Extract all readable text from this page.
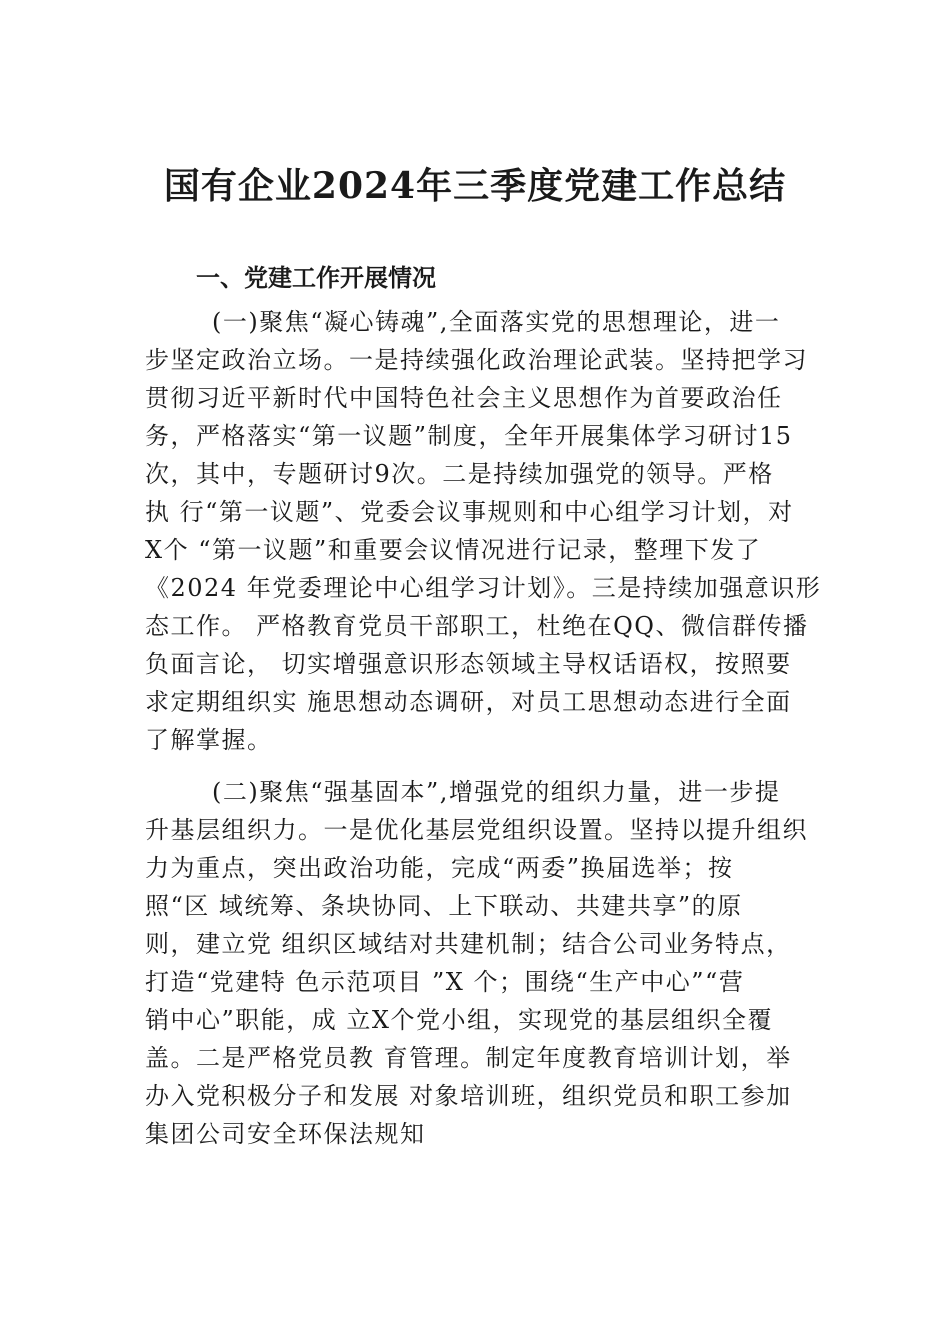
国有企业2024年三季度党建工作总结
一、党建工作开展情况
(一)聚焦“凝心铸魂”,全面落实党的思想理论，进一
步坚定政治立场。一是持续强化政治理论武装。坚持把学习
贯彻习近平新时代中国特色社会主义思想作为首要政治任
务，严格落实“第一议题”制度，全年开展集体学习研讨15
次，其中，专题研讨9次。二是持续加强党的领导。严格
执 行“第一议题”、党委会议事规则和中心组学习计划，对
X个 “第一议题”和重要会议情况进行记录，整理下发了
《2024 年党委理论中心组学习计划》。三是持续加强意识形
态工作。 严格教育党员干部职工，杜绝在QQ、微信群传播
负面言论， 切实增强意识形态领域主导权话语权，按照要
求定期组织实 施思想动态调研，对员工思想动态进行全面
了解掌握。
(二)聚焦“强基固本”,增强党的组织力量，进一步提
升基层组织力。一是优化基层党组织设置。坚持以提升组织
力为重点，突出政治功能，完成“两委”换届选举；按
照“区 域统筹、条块协同、上下联动、共建共享”的原
则，建立党 组织区域结对共建机制；结合公司业务特点，
打造“党建特 色示范项目 ”X 个；围绕“生产中心”“营
销中心”职能，成 立X个党小组，实现党的基层组织全覆
盖。二是严格党员教 育管理。制定年度教育培训计划，举
办入党积极分子和发展 对象培训班，组织党员和职工参加
集团公司安全环保法规知
